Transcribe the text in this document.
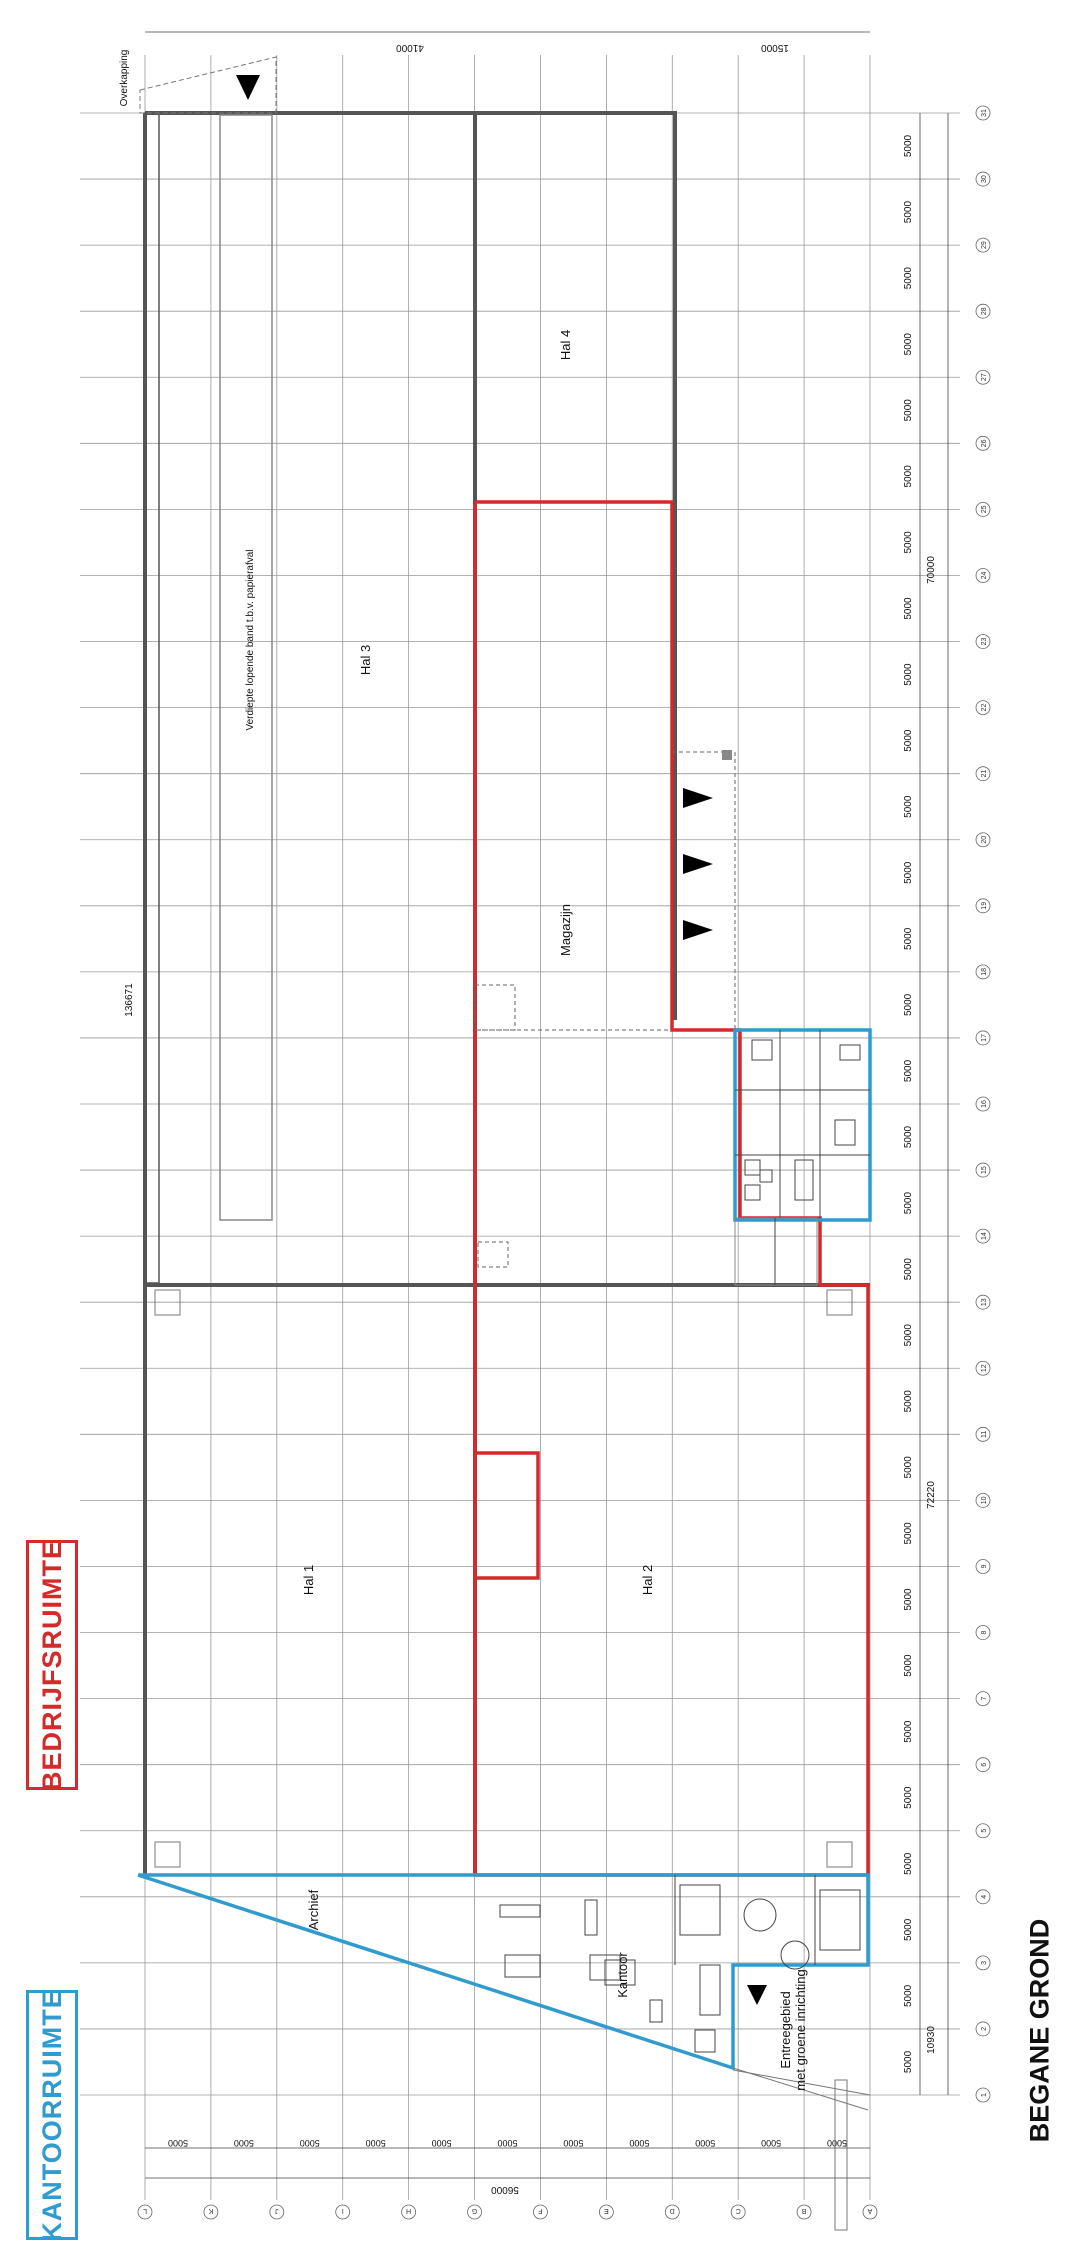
5000
5000
5000
5000
5000
5000
5000
5000
5000
5000
5000
5000
5000
5000
5000
5000
5000
5000
5000
5000
5000
5000
5000
5000
5000
5000
5000
5000
5000
5000
5000
5000
5000
5000
5000
5000
5000
5000
5000
5000
5000
1
2
3
4
5
6
7
8
9
10
11
12
13
14
15
16
17
18
19
20
21
22
23
24
25
26
27
28
29
30
31
A
B
C
D
E
F
G
H
I
J
K
L
Hal 1	Hal 2
Hal 3
Hal 4
Magazijn
Archief
Kantoor
Entreegebied met groene inrichting
Verdiepte lopende band t.b.v. papierafval
Overkapping
41000	15000
56000
70000
72220
10930
136671
KANTOORRUIMTE
BEDRIJFSRUIMTE
BEGANE GROND
